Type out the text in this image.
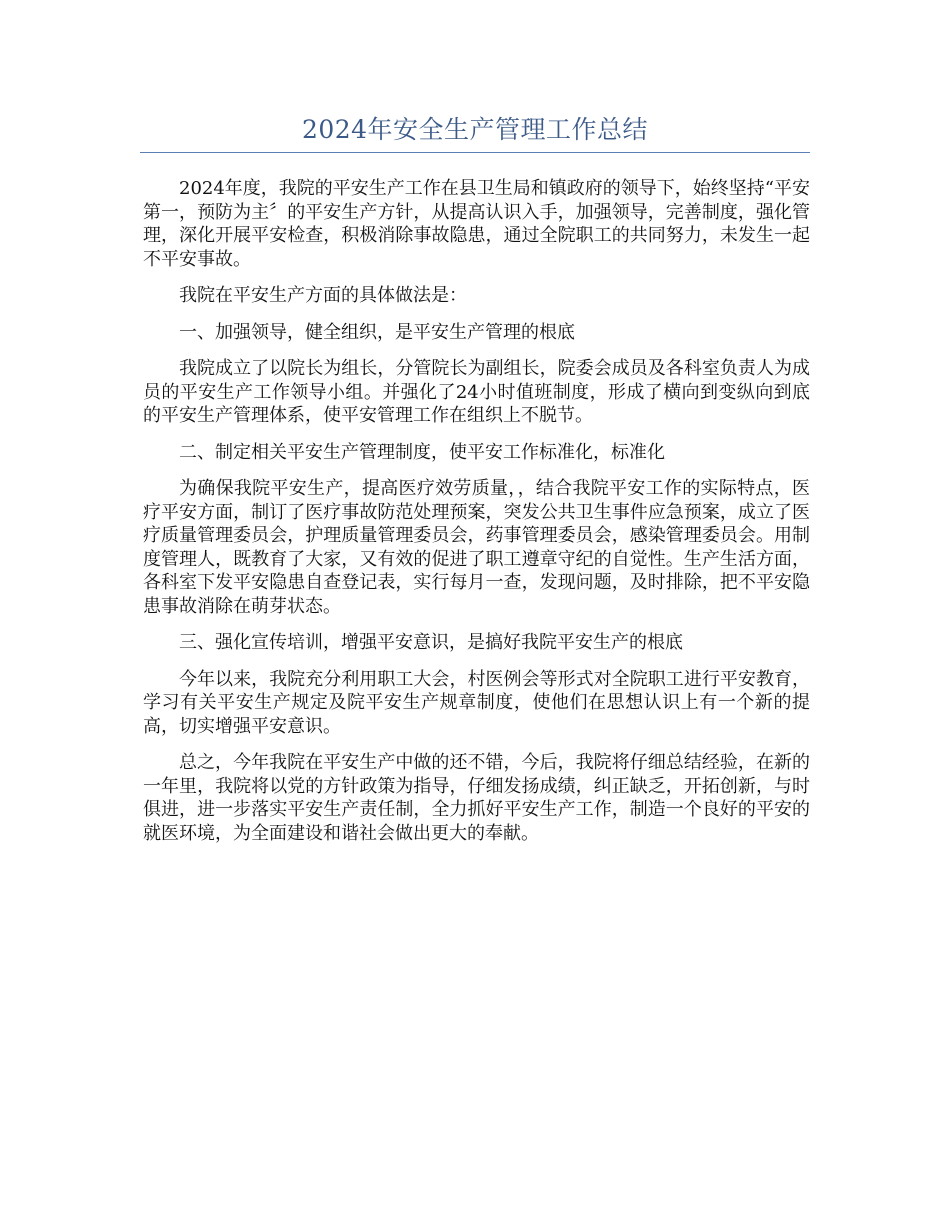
2024年安全生产管理工作总结

2024年度，我院的平安生产工作在县卫生局和镇政府的领导下，始终坚持“平安第一，预防为主〞的平安生产方针，从提高认识入手，加强领导，完善制度，强化管理，深化开展平安检查，积极消除事故隐患，通过全院职工的共同努力，未发生一起不平安事故。

我院在平安生产方面的具体做法是：

一、加强领导，健全组织，是平安生产管理的根底

我院成立了以院长为组长，分管院长为副组长，院委会成员及各科室负责人为成员的平安生产工作领导小组。并强化了24小时值班制度，形成了横向到变纵向到底的平安生产管理体系，使平安管理工作在组织上不脱节。

二、制定相关平安生产管理制度，使平安工作标准化，标准化

为确保我院平安生产，提高医疗效劳质量，，结合我院平安工作的实际特点，医疗平安方面，制订了医疗事故防范处理预案，突发公共卫生事件应急预案，成立了医疗质量管理委员会，护理质量管理委员会，药事管理委员会，感染管理委员会。用制度管理人，既教育了大家，又有效的促进了职工遵章守纪的自觉性。生产生活方面，各科室下发平安隐患自查登记表，实行每月一查，发现问题，及时排除，把不平安隐患事故消除在萌芽状态。

三、强化宣传培训，增强平安意识，是搞好我院平安生产的根底

今年以来，我院充分利用职工大会，村医例会等形式对全院职工进行平安教育，学习有关平安生产规定及院平安生产规章制度，使他们在思想认识上有一个新的提高，切实增强平安意识。

总之，今年我院在平安生产中做的还不错，今后，我院将仔细总结经验，在新的一年里，我院将以党的方针政策为指导，仔细发扬成绩，纠正缺乏，开拓创新，与时俱进，进一步落实平安生产责任制，全力抓好平安生产工作，制造一个良好的平安的就医环境，为全面建设和谐社会做出更大的奉献。
